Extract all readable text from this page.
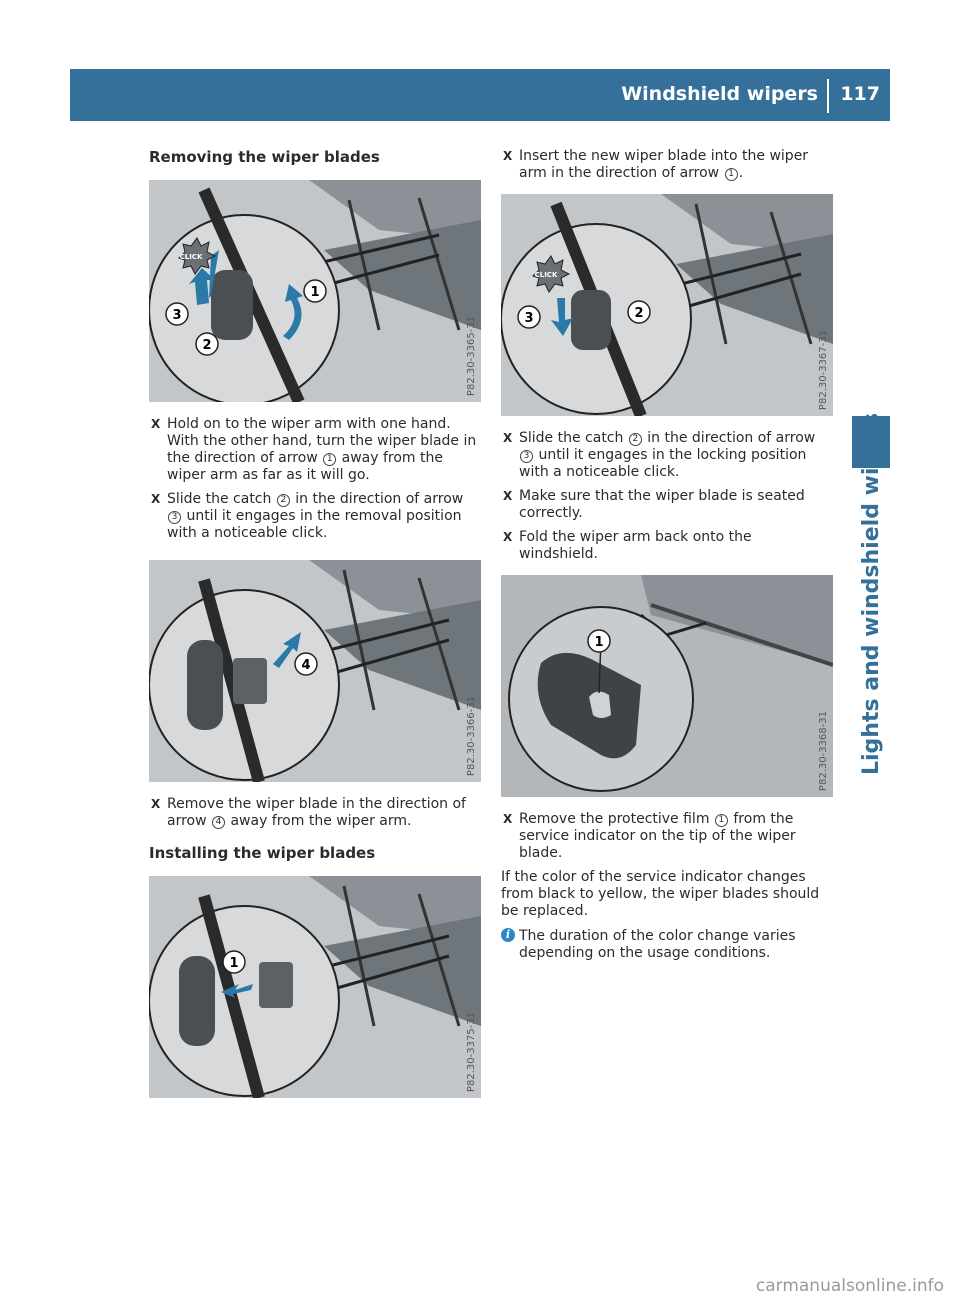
Windshield wipers 117
Lights and windshield wipers
Removing the wiper blades
1
2
3
CLICK
P82.30-3365-31
X Hold on to the wiper arm with one hand. With the other hand, turn the wiper blade in the direction of arrow 1 away from the wiper arm as far as it will go.
X Slide the catch 2 in the direction of arrow 3 until it engages in the removal position with a noticeable click.
4
P82.30-3366-31
X Remove the wiper blade in the direction of arrow 4 away from the wiper arm.
Installing the wiper blades
1
P82.30-3375-31
X Insert the new wiper blade into the wiper arm in the direction of arrow 1 .
CLICK
2
3
P82.30-3367-31
X Slide the catch 2 in the direction of arrow 3 until it engages in the locking position with a noticeable click.
X Make sure that the wiper blade is seated correctly.
X Fold the wiper arm back onto the windshield.
1
P82.30-3368-31
X Remove the protective film 1 from the service indicator on the tip of the wiper blade.

If the color of the service indicator changes from black to yellow, the wiper blades should be replaced.

i The duration of the color change varies depending on the usage conditions.

carmanualsonline.info
